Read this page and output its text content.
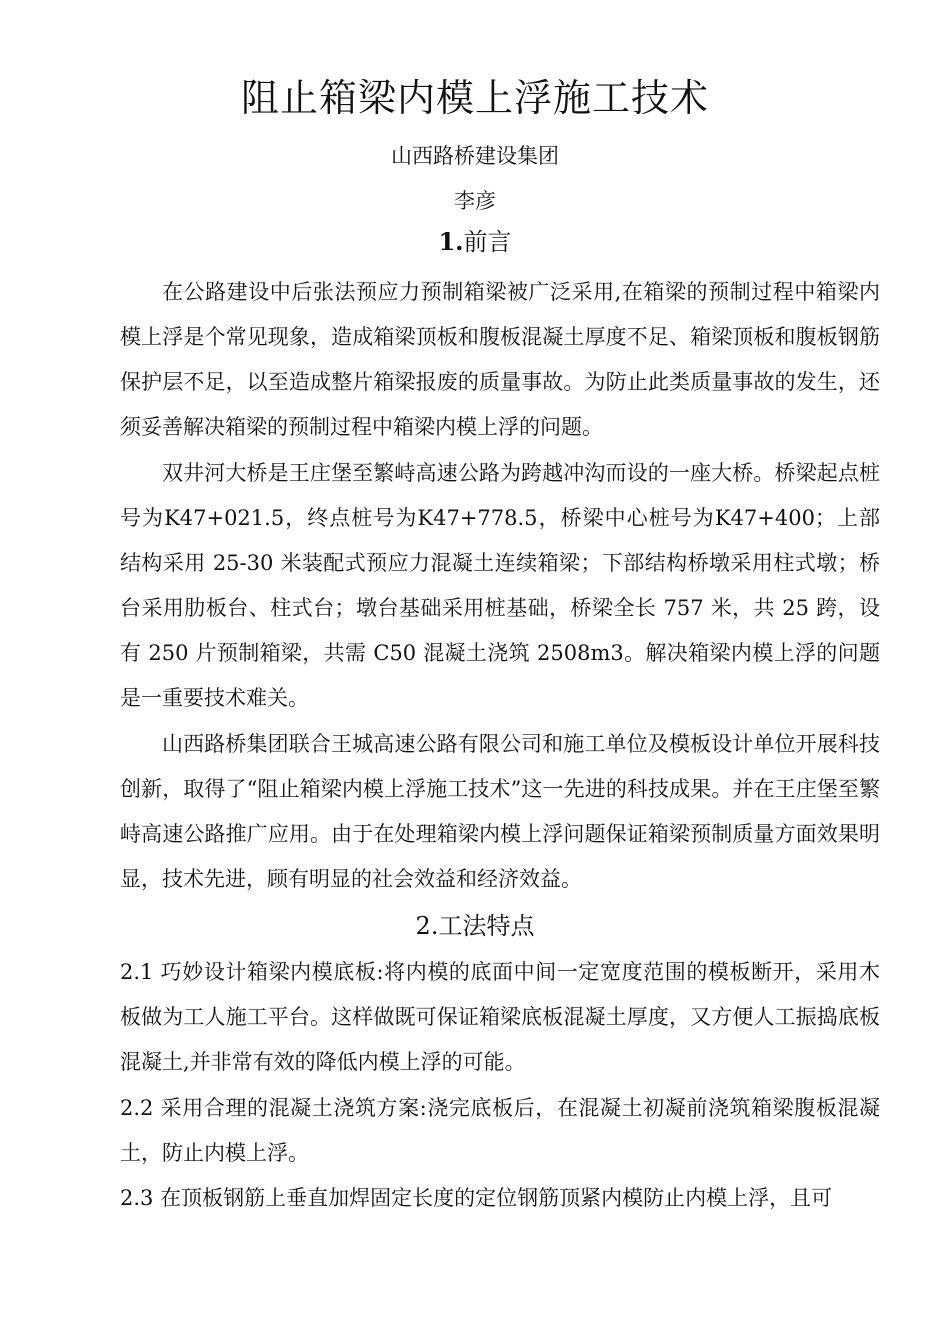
阻止箱梁内模上浮施工技术
山西路桥建设集团
李彦
1.前言

在公路建设中后张法预应力预制箱梁被广泛采用,在箱梁的预制过程中箱梁内模上浮是个常见现象，造成箱梁顶板和腹板混凝土厚度不足、箱梁顶板和腹板钢筋保护层不足，以至造成整片箱梁报废的质量事故。为防止此类质量事故的发生，还须妥善解决箱梁的预制过程中箱梁内模上浮的问题。

双井河大桥是王庄堡至繁峙高速公路为跨越冲沟而设的一座大桥。桥梁起点桩号为K47+021.5，终点桩号为K47+778.5，桥梁中心桩号为K47+400；上部结构采用 25-30 米装配式预应力混凝土连续箱梁；下部结构桥墩采用柱式墩；桥台采用肋板台、柱式台；墩台基础采用桩基础，桥梁全长 757 米，共 25 跨，设有 250 片预制箱梁，共需 C50 混凝土浇筑 2508m3。解决箱梁内模上浮的问题是一重要技术难关。

山西路桥集团联合王城高速公路有限公司和施工单位及模板设计单位开展科技创新，取得了“阻止箱梁内模上浮施工技术”这一先进的科技成果。并在王庄堡至繁峙高速公路推广应用。由于在处理箱梁内模上浮问题保证箱梁预制质量方面效果明显，技术先进，顾有明显的社会效益和经济效益。

2.工法特点

2.1 巧妙设计箱梁内模底板:将内模的底面中间一定宽度范围的模板断开，采用木板做为工人施工平台。这样做既可保证箱梁底板混凝土厚度，又方便人工振捣底板混凝土,并非常有效的降低内模上浮的可能。

2.2 采用合理的混凝土浇筑方案:浇完底板后，在混凝土初凝前浇筑箱梁腹板混凝土，防止内模上浮。

2.3 在顶板钢筋上垂直加焊固定长度的定位钢筋顶紧内模防止内模上浮，且可
